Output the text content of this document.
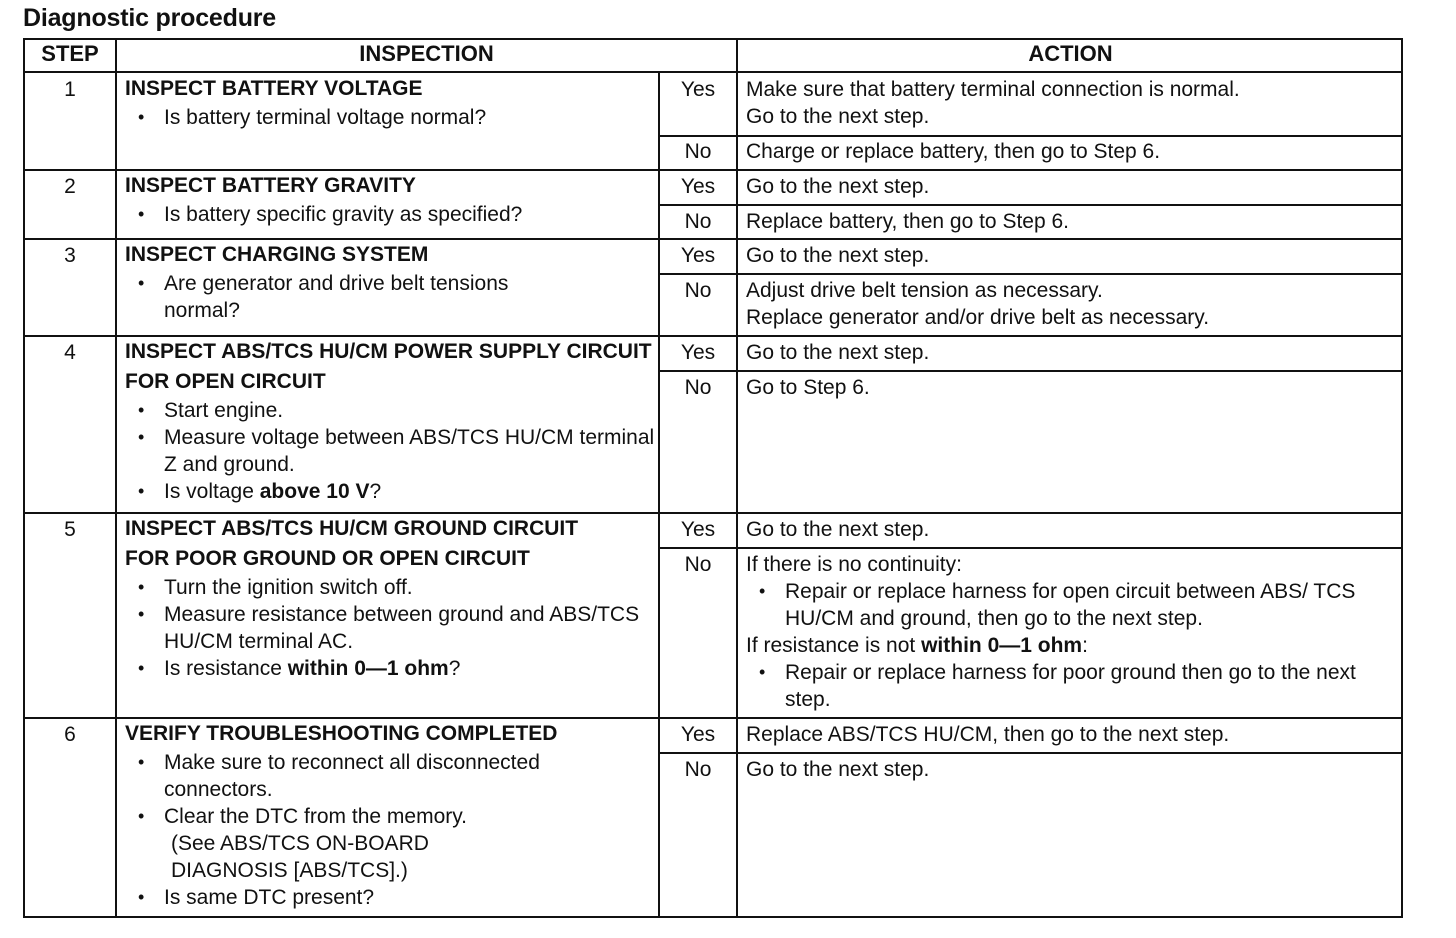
Diagnostic procedure
STEP	INSPECTION	ACTION
1	INSPECT BATTERY VOLTAGE
• Is battery terminal voltage normal?
Yes	Make sure that battery terminal connection is normal.
Go to the next step.
No	Charge or replace battery, then go to Step 6.
2	INSPECT BATTERY GRAVITY
• Is battery specific gravity as specified?
Yes	Go to the next step.
No	Replace battery, then go to Step 6.
3	INSPECT CHARGING SYSTEM
• Are generator and drive belt tensions normal?
Yes	Go to the next step.
No	Adjust drive belt tension as necessary.
Replace generator and/or drive belt as necessary.
4	INSPECT ABS/TCS HU/CM POWER SUPPLY CIRCUIT FOR OPEN CIRCUIT
• Start engine.
• Measure voltage between ABS/TCS HU/CM terminal Z and ground.
• Is voltage above 10 V?
Yes	Go to the next step.
No	Go to Step 6.
5	INSPECT ABS/TCS HU/CM GROUND CIRCUIT FOR POOR GROUND OR OPEN CIRCUIT
• Turn the ignition switch off.
• Measure resistance between ground and ABS/TCS HU/CM terminal AC.
• Is resistance within 0—1 ohm?
Yes	Go to the next step.
No	If there is no continuity:
• Repair or replace harness for open circuit between ABS/ TCS HU/CM and ground, then go to the next step.
If resistance is not within 0—1 ohm:
• Repair or replace harness for poor ground then go to the next step.
6	VERIFY TROUBLESHOOTING COMPLETED
• Make sure to reconnect all disconnected connectors.
• Clear the DTC from the memory.
(See ABS/TCS ON-BOARD DIAGNOSIS [ABS/TCS].)
• Is same DTC present?
Yes	Replace ABS/TCS HU/CM, then go to the next step.
No	Go to the next step.
